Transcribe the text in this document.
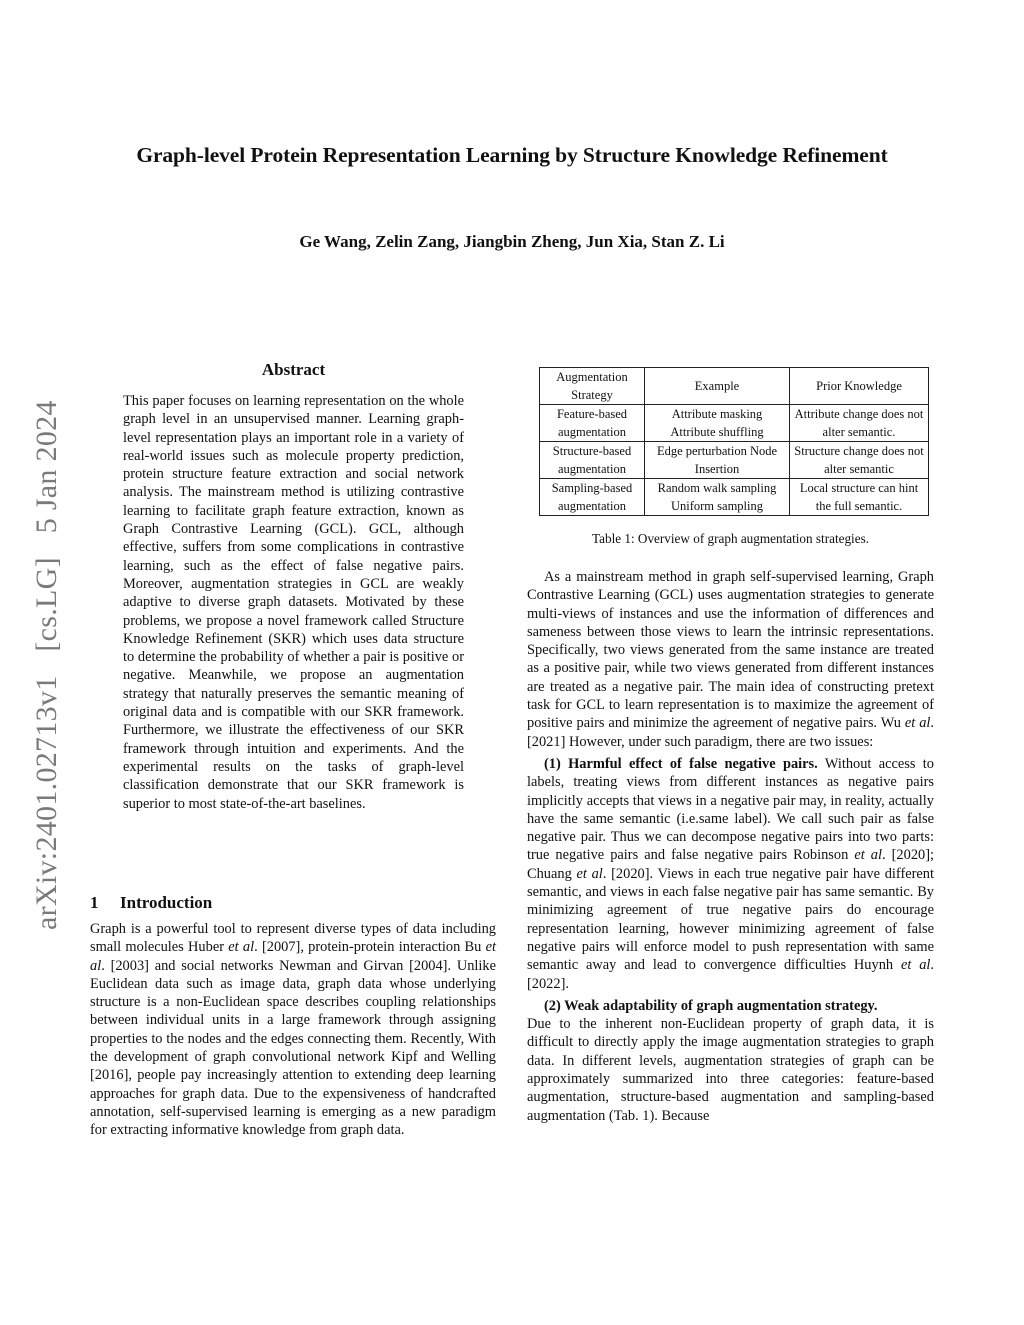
Graph-level Protein Representation Learning by Structure Knowledge Refinement
Ge Wang, Zelin Zang, Jiangbin Zheng, Jun Xia, Stan Z. Li
arXiv:2401.02713v1 [cs.LG] 5 Jan 2024
Abstract

This paper focuses on learning representation on the whole graph level in an unsupervised manner. Learning graph-level representation plays an important role in a variety of real-world issues such as molecule property prediction, protein structure feature extraction and social network analysis. The mainstream method is utilizing contrastive learning to facilitate graph feature extraction, known as Graph Contrastive Learning (GCL). GCL, although effective, suffers from some complications in contrastive learning, such as the effect of false negative pairs. Moreover, augmentation strategies in GCL are weakly adaptive to diverse graph datasets. Motivated by these problems, we propose a novel framework called Structure Knowledge Refinement (SKR) which uses data structure to determine the probability of whether a pair is positive or negative. Meanwhile, we propose an augmentation strategy that naturally preserves the semantic meaning of original data and is compatible with our SKR framework. Furthermore, we illustrate the effectiveness of our SKR framework through intuition and experiments. And the experimental results on the tasks of graph-level classification demonstrate that our SKR framework is superior to most state-of-the-art baselines.

1 Introduction

Graph is a powerful tool to represent diverse types of data including small molecules Huber et al. [2007], protein-protein interaction Bu et al. [2003] and social networks Newman and Girvan [2004]. Unlike Euclidean data such as image data, graph data whose underlying structure is a non-Euclidean space describes coupling relationships between individual units in a large framework through assigning properties to the nodes and the edges connecting them. Recently, With the development of graph convolutional network Kipf and Welling [2016], people pay increasingly attention to extending deep learning approaches for graph data. Due to the expensiveness of handcrafted annotation, self-supervised learning is emerging as a new paradigm for extracting informative knowledge from graph data.

Augmentation Strategy	Example	Prior Knowledge
Feature-based augmentation	Attribute masking Attribute shuffling	Attribute change does not alter semantic.
Structure-based augmentation	Edge perturbation Node Insertion	Structure change does not alter semantic
Sampling-based augmentation	Random walk sampling Uniform sampling	Local structure can hint the full semantic.
Table 1: Overview of graph augmentation strategies.

As a mainstream method in graph self-supervised learning, Graph Contrastive Learning (GCL) uses augmentation strategies to generate multi-views of instances and use the information of differences and sameness between those views to learn the intrinsic representations. Specifically, two views generated from the same instance are treated as a positive pair, while two views generated from different instances are treated as a negative pair. The main idea of constructing pretext task for GCL to learn representation is to maximize the agreement of positive pairs and minimize the agreement of negative pairs. Wu et al. [2021] However, under such paradigm, there are two issues:

(1) Harmful effect of false negative pairs. Without access to labels, treating views from different instances as negative pairs implicitly accepts that views in a negative pair may, in reality, actually have the same semantic (i.e.same label). We call such pair as false negative pair. Thus we can decompose negative pairs into two parts: true negative pairs and false negative pairs Robinson et al. [2020]; Chuang et al. [2020]. Views in each true negative pair have different semantic, and views in each false negative pair has same semantic. By minimizing agreement of true negative pairs do encourage representation learning, however minimizing agreement of false negative pairs will enforce model to push representation with same semantic away and lead to convergence difficulties Huynh et al. [2022].

(2) Weak adaptability of graph augmentation strategy.
Due to the inherent non-Euclidean property of graph data, it is difficult to directly apply the image augmentation strategies to graph data. In different levels, augmentation strategies of graph can be approximately summarized into three categories: feature-based augmentation, structure-based augmentation and sampling-based augmentation (Tab. 1). Because
